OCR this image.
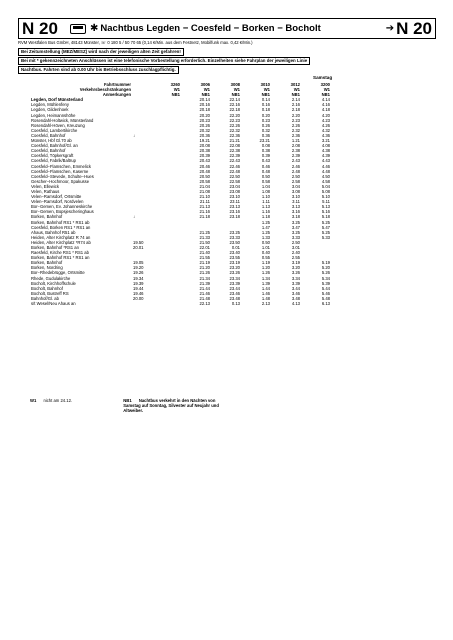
N 20	✱ Nachtbus Legden − Coesfeld − Borken − Bocholt	➔ N 20
RVM Westfalen Bus GmbH, 48143 Münster, ☏ 0 180 5 / 50 70 65 (0,14 €/Min. aus dem Festnetz, Mobilfunk max. 0,42 €/Min.)
Bei Zeitumstellung (MEZ/MESZ) wird nach der jeweiligen alten Zeit gefahren!
Bei mit * gekennzeichneten Anschlüssen ist eine telefonische Vorbestellung erforderlich. Einzelheiten siehe Fahrplan der jeweiligen Linie
Nachtbus. Fahrten sind ab 0.00 Uhr bis Betriebsschluss zuschlagpflichtig.
Samstag
Fahrtnummer		3260	3006	3008	3010	3012	3200
Verkehrsbeschränkungen		W1	W1	W1	W1	W1	W1
Anmerkungen		NB1	NB1	NB1	NB1	NB1	NB1
Legden, Dorf Münsterland			20.14	22.14	0.14	2.14	4.14
Legden, Mühlenfeny			20.16	22.16	0.16	2.16	4.16
Legden, Gildenhoek			20.18	22.18	0.18	2.18	4.18
Legden, Heimannshöhe			20.20	22.20	0.20	2.20	4.20
Rosendahl-Holtwick, Münsterland			20.23	22.23	0.23	2.23	4.23
Rosendahl-Höven, Kreuzung			20.26	22.26	0.26	2.26	4.26
Coesfeld, Lambertikirche			20.32	22.32	0.32	2.32	4.32
Coesfeld, Bahnhof	↓		20.36	22.36	0.36	2.36	4.36
Münster, Hbf Gl.70 ab			19.21	21.21	23.21	1.21	3.21
Coesfeld, Bahnhof/Gl. an			20.08	22.08	0.08	2.08	4.08
Coesfeld, Bahnhof			20.38	22.38	0.38	2.38	4.38
Coesfeld, Töpkersgraft			20.39	22.39	0.39	2.39	4.39
Coesfeld, Fabrik/Baltrup			20.43	22.43	0.43	2.43	4.43
Coesfeld−Flamschen, Emmelick			20.46	22.46	0.46	2.46	4.46
Coesfeld−Flamschen, Kaserne			20.48	22.48	0.48	2.48	4.48
Coesfeld−Stevede, Schulte−Hues			20.50	22.50	0.50	2.50	4.50
Gescher−Hochmoor, Spakusse			20.58	22.58	0.58	2.58	4.58
Velen, Ellewick			21.04	23.04	1.04	3.04	5.04
Velen, Rathaus			21.08	23.08	1.08	3.08	5.08
Velen−Ramsdorf, Ortsmitte			21.10	23.10	1.10	3.10	5.10
Velen−Ramsdorf, Nordvelen			21.11	23.11	1.11	3.11	5.11
Bor−Gemen, Ev. Johanneskirche			21.13	23.13	1.13	3.13	5.13
Bor−Gemen, Bopsjescheringhaus			21.16	23.16	1.16	3.16	5.16
Borken, Bahnhof	↓		21.18	23.18	1.18	3.18	5.18
Borken, Bahnhof RS1 * RS1 ab					1.25	3.25	5.25
Coesfeld, Borken RS1 * RS1 an					1.47	3.47	5.47
Ahaus, Bahnhof R51 ab			21.25	23.25	1.25	3.25	5.25
Heiden, Alter Kirchplatz R 74 an			21.33	23.33	1.33	3.33	5.33
Heiden, Alter Kirchplatz *R74 ab	19.50		21.50	23.50	0.50	2.50	
Borken, Bahnhof *RS1 an	20.01		22.01	0.01	1.01	3.01	
Raesfeld, Kirche RS1 * RS1 ab			21.40	23.40	0.40	2.40	
Borken, Bahnhof RS1 * RS1 an			21.55	23.55	0.55	2.55	
Borken, Bahnhof	19.05		21.19	23.19	1.19	3.19	5.19
Borken, Nordring	19.20		21.20	23.20	1.20	3.20	5.20
Bor−Rhedebrügge, Ortsmitte	19.26		21.26	23.26	1.26	3.26	5.26
Rhede, Gudulakirche	19.34		21.34	23.34	1.34	3.34	5.34
Bocholt, Kirchhoffschule	19.39		21.39	23.39	1.39	3.39	5.39
Bocholt, Bahnhof	19.44		21.44	23.44	1.44	3.44	5.44
Bocholt, Bustreff RS	19.46		21.46	23.46	1.46	3.46	5.46
Bahnhof/Gl. ab	20.00		21.48	23.48	1.48	3.48	5.48
s/t Wesel/Neu Ahaus an			22.13	0.13	2.13	4.13	6.13
W1 nicht am 24.12.	NB1 Nachtbus verkehrt in den Nächten von Samstag auf Sonntag, Silvester auf Neujahr und Altweiber.
